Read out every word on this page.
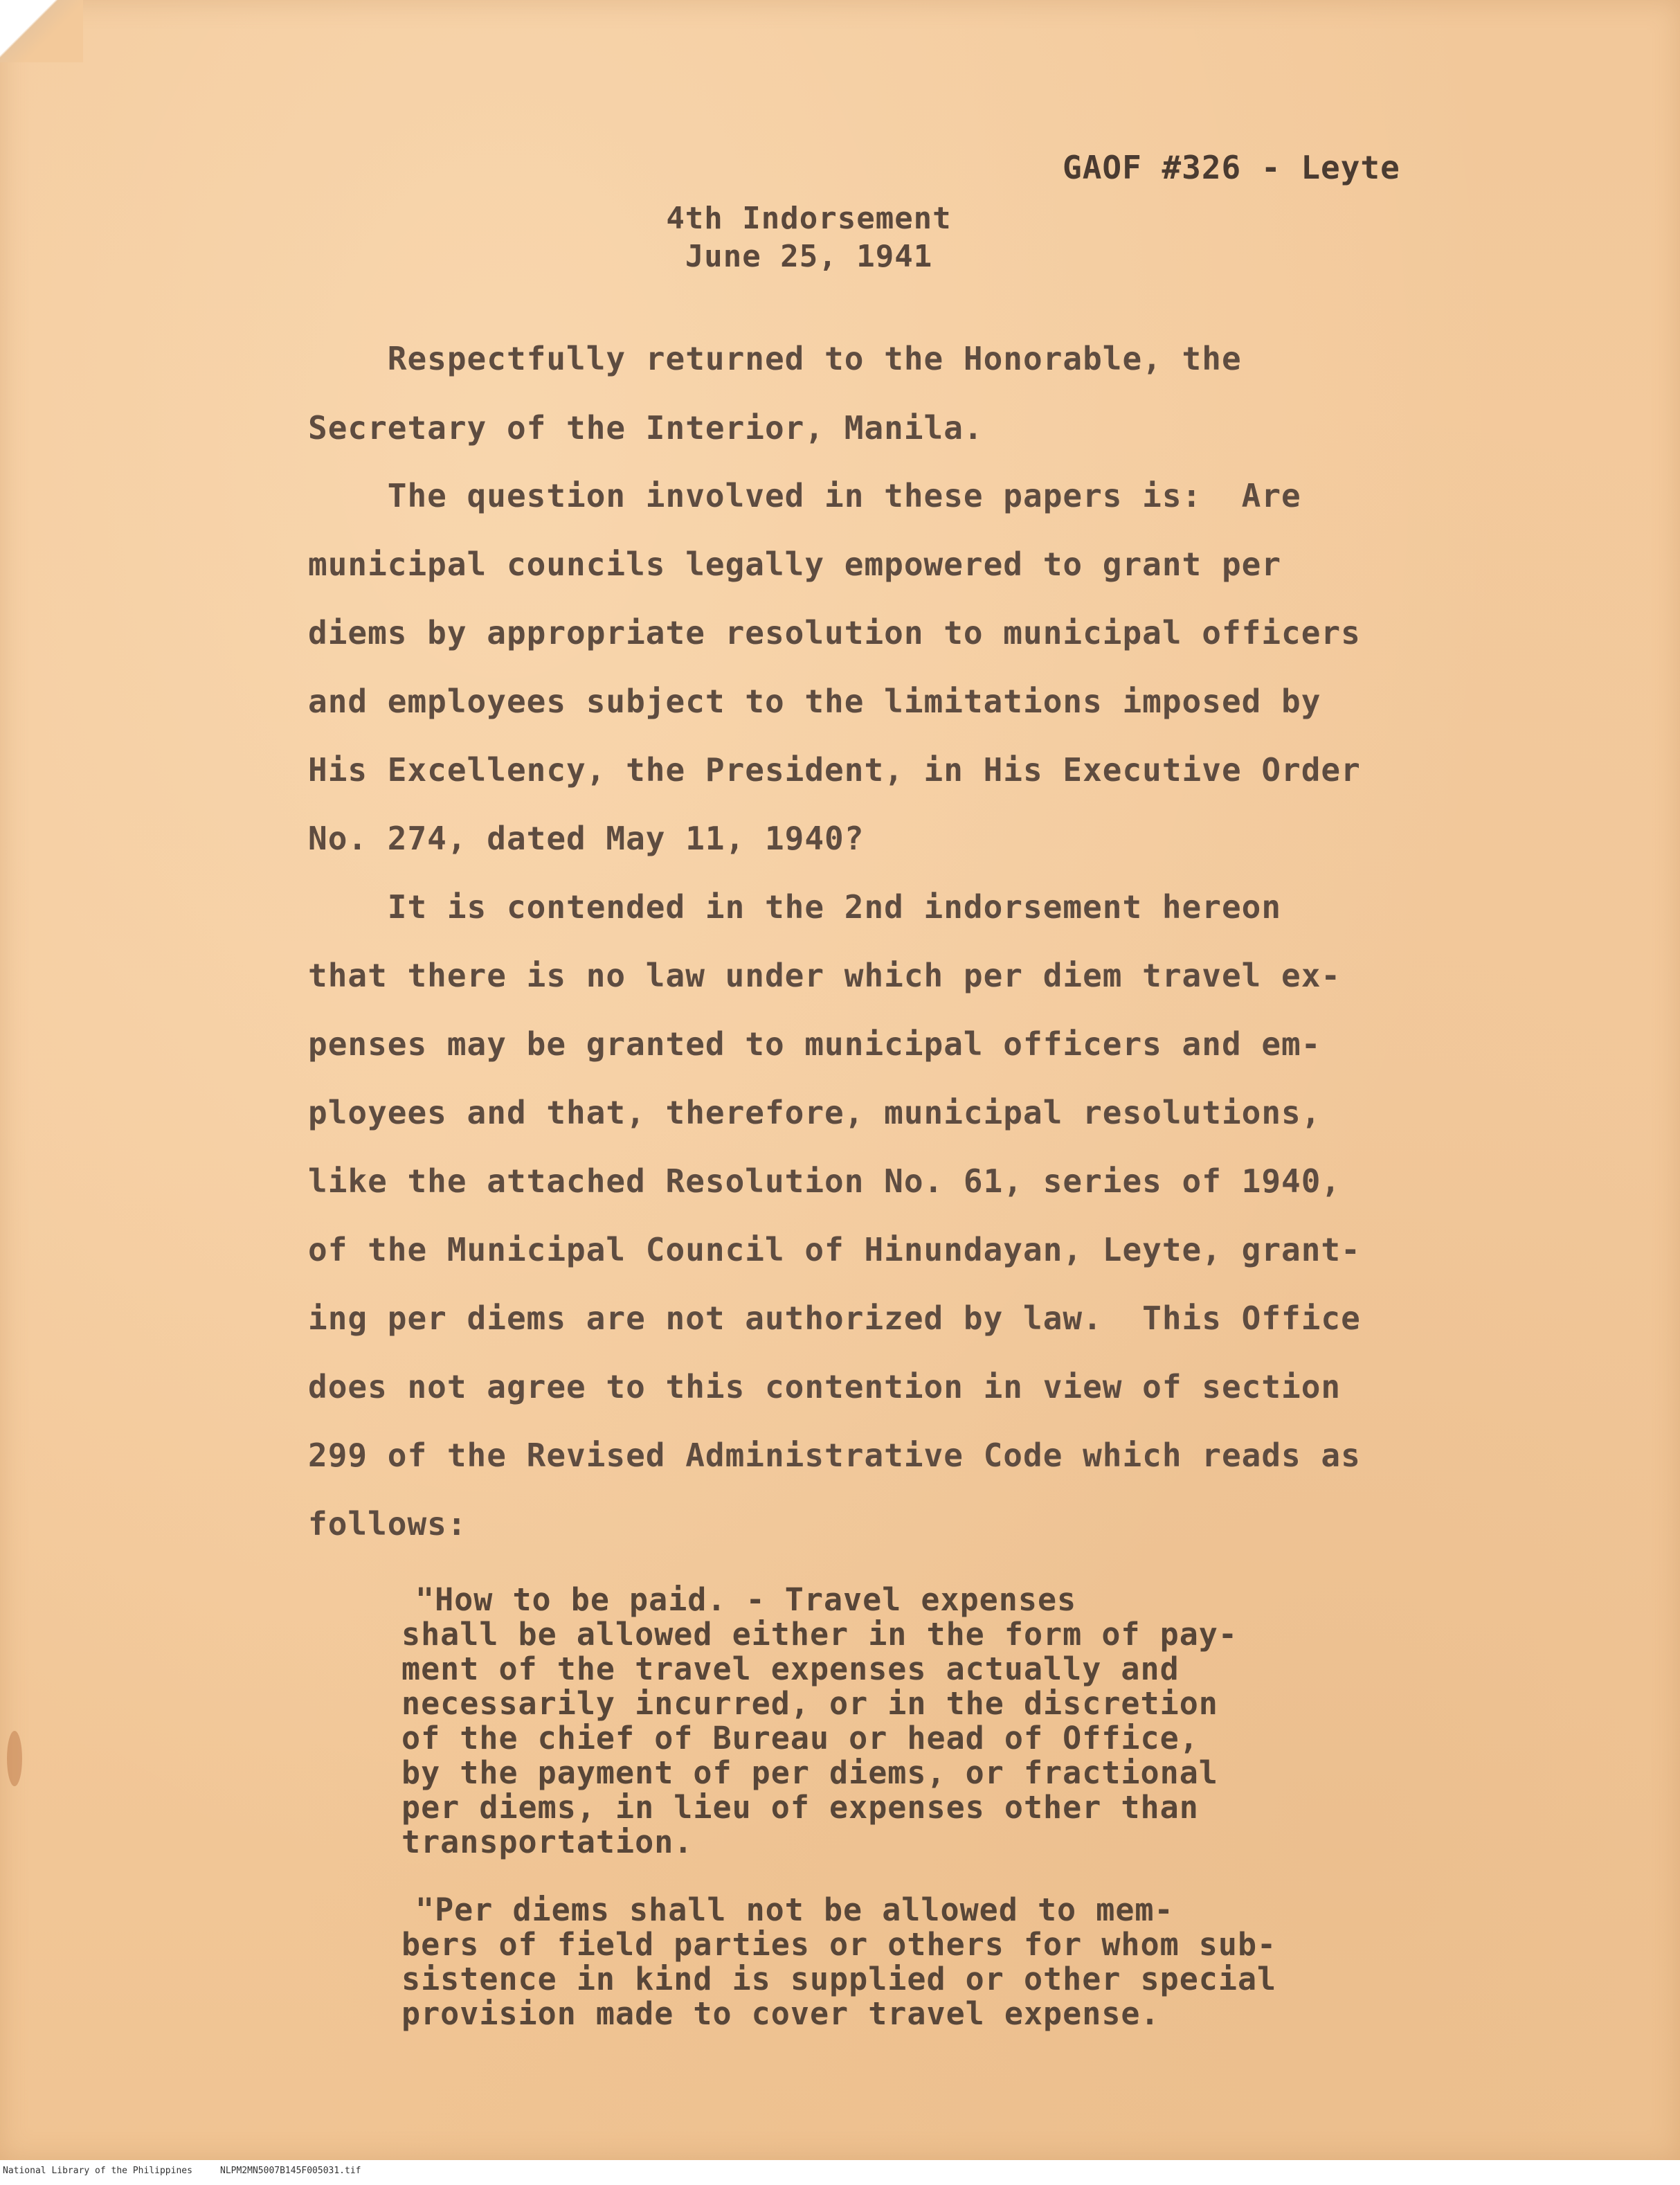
GAOF #326 - Leyte
4th Indorsement
June 25, 1941
Respectfully returned to the Honorable, the
Secretary of the Interior, Manila.
The question involved in these papers is:  Are
municipal councils legally empowered to grant per
diems by appropriate resolution to municipal officers
and employees subject to the limitations imposed by
His Excellency, the President, in His Executive Order
No. 274, dated May 11, 1940?
It is contended in the 2nd indorsement hereon
that there is no law under which per diem travel ex-
penses may be granted to municipal officers and em-
ployees and that, therefore, municipal resolutions,
like the attached Resolution No. 61, series of 1940,
of the Municipal Council of Hinundayan, Leyte, grant-
ing per diems are not authorized by law.  This Office
does not agree to this contention in view of section
299 of the Revised Administrative Code which reads as
follows:
"How to be paid. - Travel expenses
shall be allowed either in the form of pay-
ment of the travel expenses actually and
necessarily incurred, or in the discretion
of the chief of Bureau or head of Office,
by the payment of per diems, or fractional
per diems, in lieu of expenses other than
transportation.
"Per diems shall not be allowed to mem-
bers of field parties or others for whom sub-
sistence in kind is supplied or other special
provision made to cover travel expense.
National Library of the Philippines	NLPM2MN5007B145F005031.tif
